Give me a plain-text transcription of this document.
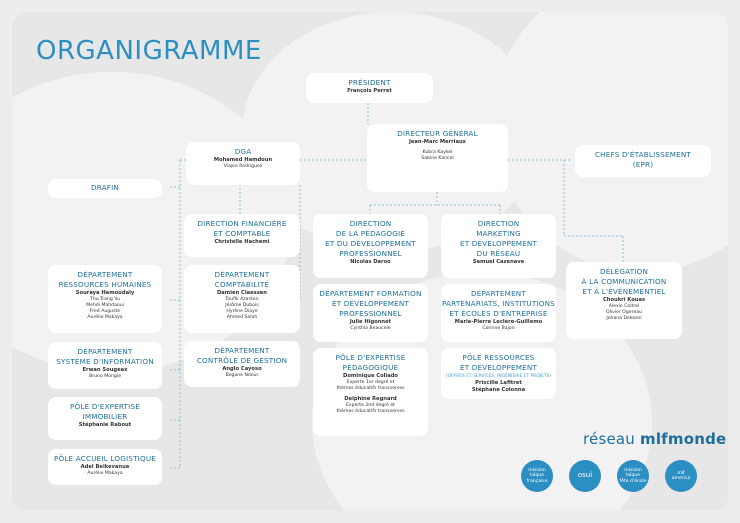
ORGANIGRAMME
PRÉSIDENT
François Perret
DIRECTEUR GÉNÉRAL
Jean-Marc Merriaux
Kubra Kaykel
Sabine Kancel
DGA
Mohamed Hamdoun
Viajea Rodriguez
DRAFIN
CHEFS D'ÉTABLISSEMENT
(EPR)
DIRECTION FINANCIÈRE
ET COMPTABLE
Christelle Hachemi
DÉPARTEMENT
COMPTABILITÉ
Damien Claessen
Toufik Azarkan
Jérôme Dubois
Hyrène Diaye
Ahmed Salah
DÉPARTEMENT
CONTRÔLE DE GESTION
Anglo Cayoso
Begane Ndour
DÉPARTEMENT
RESSOURCES HUMAINES
Souraya Hamoudaly
Thu Trang Vu
Mehdi Mahdaoui
Fred Auguste
Aurélie Makaya
DÉPARTEMENT
SYSTÈME D'INFORMATION
Erwan Sougeax
Bruno Mongie
PÔLE D'EXPERTISE
IMMOBILIER
Stéphanie Rabout
PÔLE ACCUEIL LOGISTIQUE
Adel Belkevanue
Aurélie Makaya
DIRECTION
DE LA PÉDAGOGIE
ET DU DÉVELOPPEMENT
PROFESSIONNEL
Nicolas Daroo
DÉPARTEMENT FORMATION
ET DÉVELOPPEMENT
PROFESSIONNEL
Julie Higonnet
Cynthia Beaucele
PÔLE D'EXPERTISE
PÉDAGOGIQUE
Dominique Collado
Experte 1er degré et
thèmes éducatifs transverses
Delphine Regnard
Experte 2nd degré et
thèmes éducatifs transverses
DIRECTION
MARKETING
ET DÉVELOPPEMENT
DU RÉSEAU
Samuel Cazenave
DÉPARTEMENT
PARTENARIATS, INSTITUTIONS
ET ÉCOLES D'ENTREPRISE
Marie-Pierre Leclère-Guillemo
Corinne Bajon
PÔLE RESSOURCES
ET DÉVELOPPEMENT
(OFFRES ET SERVICES, INGÉNIERIE ET PROJETS)
Priscille Lafitret
Stéphane Colonna
DÉLÉGATION
À LA COMMUNICATION
ET À L'ÉVÉNEMENTIEL
Choukri Kouas
Alexie Coltrel
Olivier Ogereau
Johana Dekoesi
réseau mlfmonde
mission
laïque
française
osui
mission
laïque
fête d'école
mlf
america
